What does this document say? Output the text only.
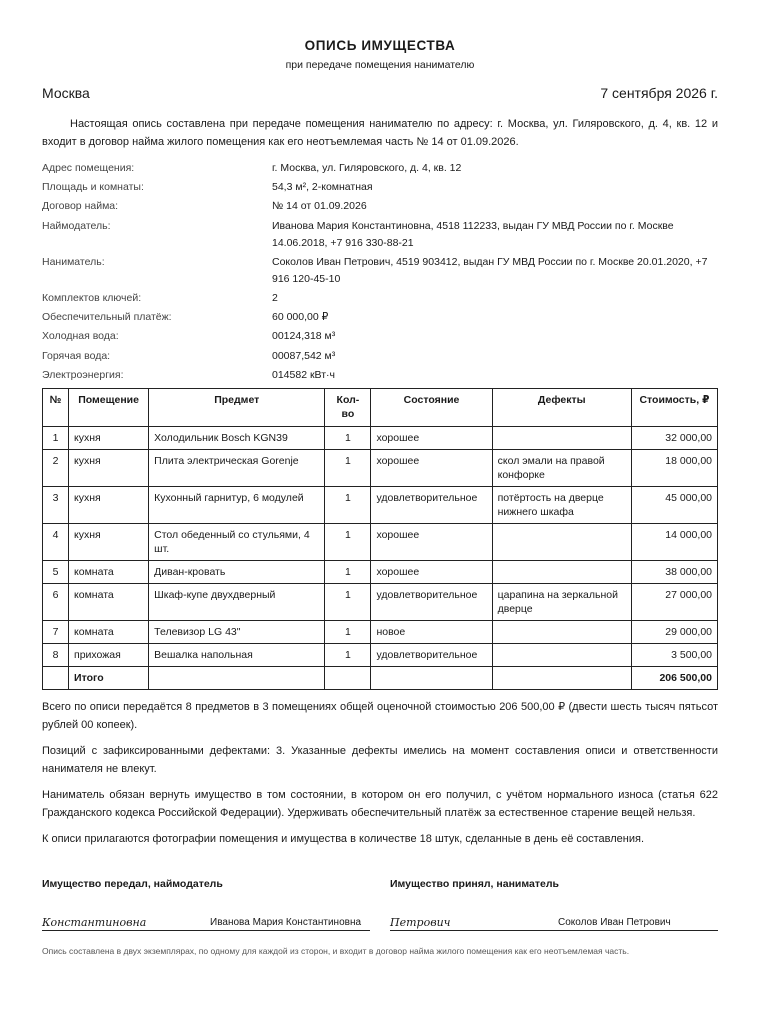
ОПИСЬ ИМУЩЕСТВА
при передаче помещения нанимателю
Москва	7 сентября 2026 г.
Настоящая опись составлена при передаче помещения нанимателю по адресу: г. Москва, ул. Гиляровского, д. 4, кв. 12 и входит в договор найма жилого помещения как его неотъемлемая часть № 14 от 01.09.2026.
Адрес помещения:	г. Москва, ул. Гиляровского, д. 4, кв. 12
Площадь и комнаты:	54,3 м², 2-комнатная
Договор найма:	№ 14 от 01.09.2026
Наймодатель:	Иванова Мария Константиновна, 4518 112233, выдан ГУ МВД России по г. Москве 14.06.2018, +7 916 330-88-21
Наниматель:	Соколов Иван Петрович, 4519 903412, выдан ГУ МВД России по г. Москве 20.01.2020, +7 916 120-45-10
Комплектов ключей:	2
Обеспечительный платёж:	60 000,00 ₽
Холодная вода:	00124,318 м³
Горячая вода:	00087,542 м³
Электроэнергия:	014582 кВт·ч
№	Помещение	Предмет	Кол-во	Состояние	Дефекты	Стоимость, ₽
1	кухня	Холодильник Bosch KGN39	1	хорошее		32 000,00
2	кухня	Плита электрическая Gorenje	1	хорошее	скол эмали на правой конфорке	18 000,00
3	кухня	Кухонный гарнитур, 6 модулей	1	удовлетворительное	потёртость на дверце нижнего шкафа	45 000,00
4	кухня	Стол обеденный со стульями, 4 шт.	1	хорошее		14 000,00
5	комната	Диван-кровать	1	хорошее		38 000,00
6	комната	Шкаф-купе двухдверный	1	удовлетворительное	царапина на зеркальной дверце	27 000,00
7	комната	Телевизор LG 43"	1	новое		29 000,00
8	прихожая	Вешалка напольная	1	удовлетворительное		3 500,00
	Итого					206 500,00
Всего по описи передаётся 8 предметов в 3 помещениях общей оценочной стоимостью 206 500,00 ₽ (двести шесть тысяч пятьсот рублей 00 копеек).
Позиций с зафиксированными дефектами: 3. Указанные дефекты имелись на момент составления описи и ответственности нанимателя не влекут.
Наниматель обязан вернуть имущество в том состоянии, в котором он его получил, с учётом нормального износа (статья 622 Гражданского кодекса Российской Федерации). Удерживать обеспечительный платёж за естественное старение вещей нельзя.
К описи прилагаются фотографии помещения и имущества в количестве 18 штук, сделанные в день её составления.
Имущество передал, наймодатель
Константиновна	Иванова Мария Константиновна
Имущество принял, наниматель
Петрович	Соколов Иван Петрович
Опись составлена в двух экземплярах, по одному для каждой из сторон, и входит в договор найма жилого помещения как его неотъемлемая часть.
